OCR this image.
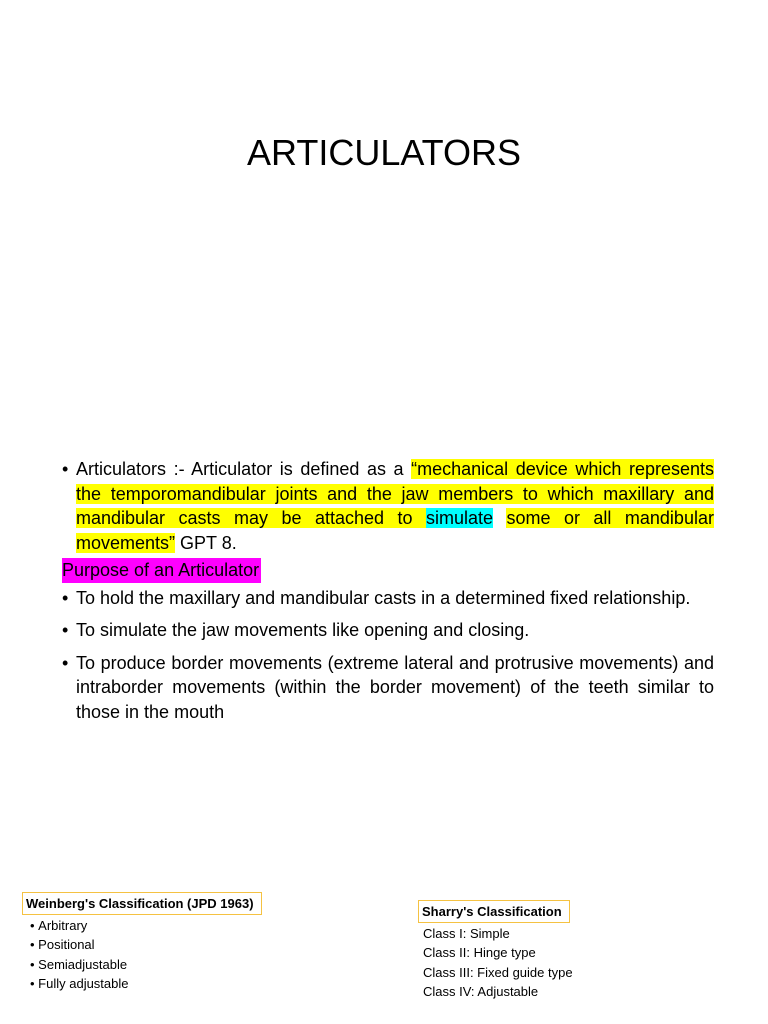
ARTICULATORS
• Articulators :- Articulator is defined as a “mechanical device which represents the temporomandibular joints and the jaw members to which maxillary and mandibular casts may be attached to simulate some or all mandibular movements” GPT 8.
Purpose of an Articulator
• To hold the maxillary and mandibular casts in a determined fixed relationship.
• To simulate the jaw movements like opening and closing.
• To produce border movements (extreme lateral and protrusive movements) and intraborder movements (within the border movement) of the teeth similar to those in the mouth
Weinberg's Classification (JPD 1963)
• Arbitrary
• Positional
• Semiadjustable
• Fully adjustable
Sharry's Classification
Class I: Simple
Class II: Hinge type
Class III: Fixed guide type
Class IV: Adjustable
